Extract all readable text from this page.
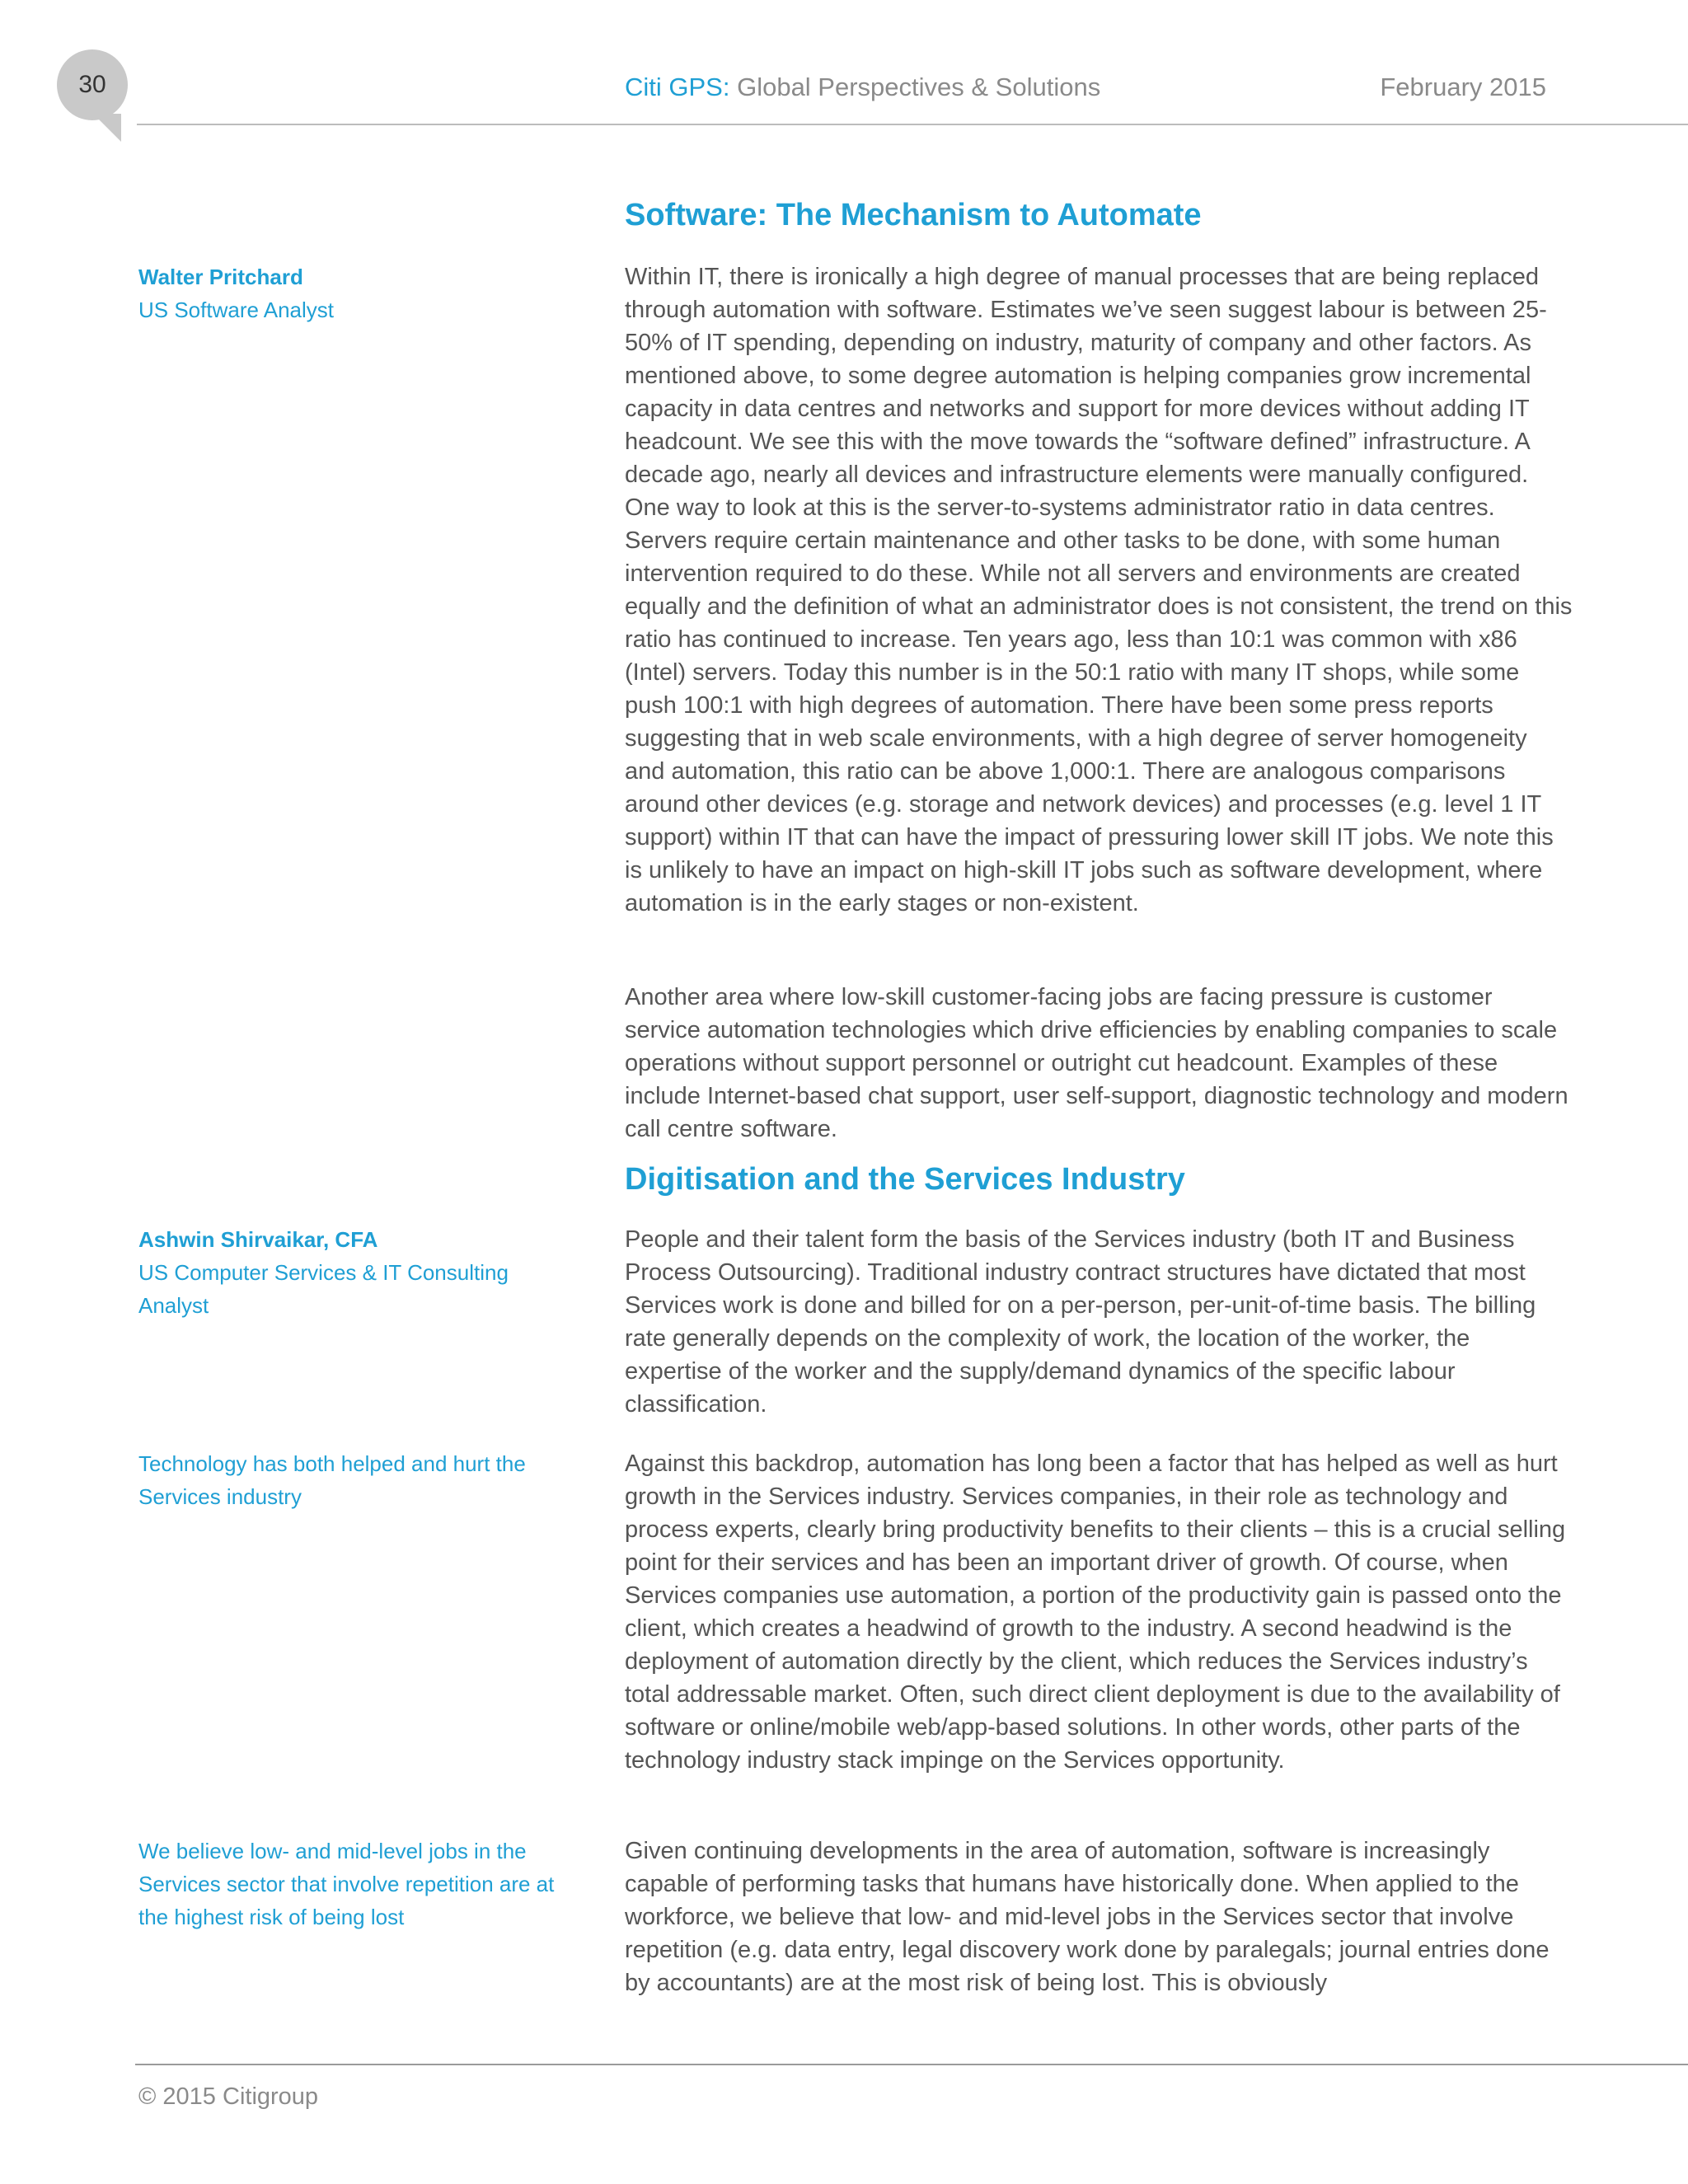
30	Citi GPS: Global Perspectives & Solutions	February 2015
Walter Pritchard
US Software Analyst
Ashwin Shirvaikar, CFA
US Computer Services & IT Consulting Analyst

Technology has both helped and hurt the Services industry

We believe low- and mid-level jobs in the Services sector that involve repetition are at the highest risk of being lost

Software: The Mechanism to Automate

Within IT, there is ironically a high degree of manual processes that are being replaced through automation with software. Estimates we’ve seen suggest labour is between 25-50% of IT spending, depending on industry, maturity of company and other factors. As mentioned above, to some degree automation is helping companies grow incremental capacity in data centres and networks and support for more devices without adding IT headcount. We see this with the move towards the “software defined” infrastructure. A decade ago, nearly all devices and infrastructure elements were manually configured. One way to look at this is the server-to-systems administrator ratio in data centres. Servers require certain maintenance and other tasks to be done, with some human intervention required to do these. While not all servers and environments are created equally and the definition of what an administrator does is not consistent, the trend on this ratio has continued to increase. Ten years ago, less than 10:1 was common with x86 (Intel) servers. Today this number is in the 50:1 ratio with many IT shops, while some push 100:1 with high degrees of automation. There have been some press reports suggesting that in web scale environments, with a high degree of server homogeneity and automation, this ratio can be above 1,000:1. There are analogous comparisons around other devices (e.g. storage and network devices) and processes (e.g. level 1 IT support) within IT that can have the impact of pressuring lower skill IT jobs. We note this is unlikely to have an impact on high-skill IT jobs such as software development, where automation is in the early stages or non-existent.

Another area where low-skill customer-facing jobs are facing pressure is customer service automation technologies which drive efficiencies by enabling companies to scale operations without support personnel or outright cut headcount. Examples of these include Internet-based chat support, user self-support, diagnostic technology and modern call centre software.

Digitisation and the Services Industry

People and their talent form the basis of the Services industry (both IT and Business Process Outsourcing). Traditional industry contract structures have dictated that most Services work is done and billed for on a per-person, per-unit-of-time basis. The billing rate generally depends on the complexity of work, the location of the worker, the expertise of the worker and the supply/demand dynamics of the specific labour classification.

Against this backdrop, automation has long been a factor that has helped as well as hurt growth in the Services industry. Services companies, in their role as technology and process experts, clearly bring productivity benefits to their clients – this is a crucial selling point for their services and has been an important driver of growth. Of course, when Services companies use automation, a portion of the productivity gain is passed onto the client, which creates a headwind of growth to the industry. A second headwind is the deployment of automation directly by the client, which reduces the Services industry’s total addressable market. Often, such direct client deployment is due to the availability of software or online/mobile web/app-based solutions. In other words, other parts of the technology industry stack impinge on the Services opportunity.

Given continuing developments in the area of automation, software is increasingly capable of performing tasks that humans have historically done. When applied to the workforce, we believe that low- and mid-level jobs in the Services sector that involve repetition (e.g. data entry, legal discovery work done by paralegals; journal entries done by accountants) are at the most risk of being lost. This is obviously

© 2015 Citigroup
